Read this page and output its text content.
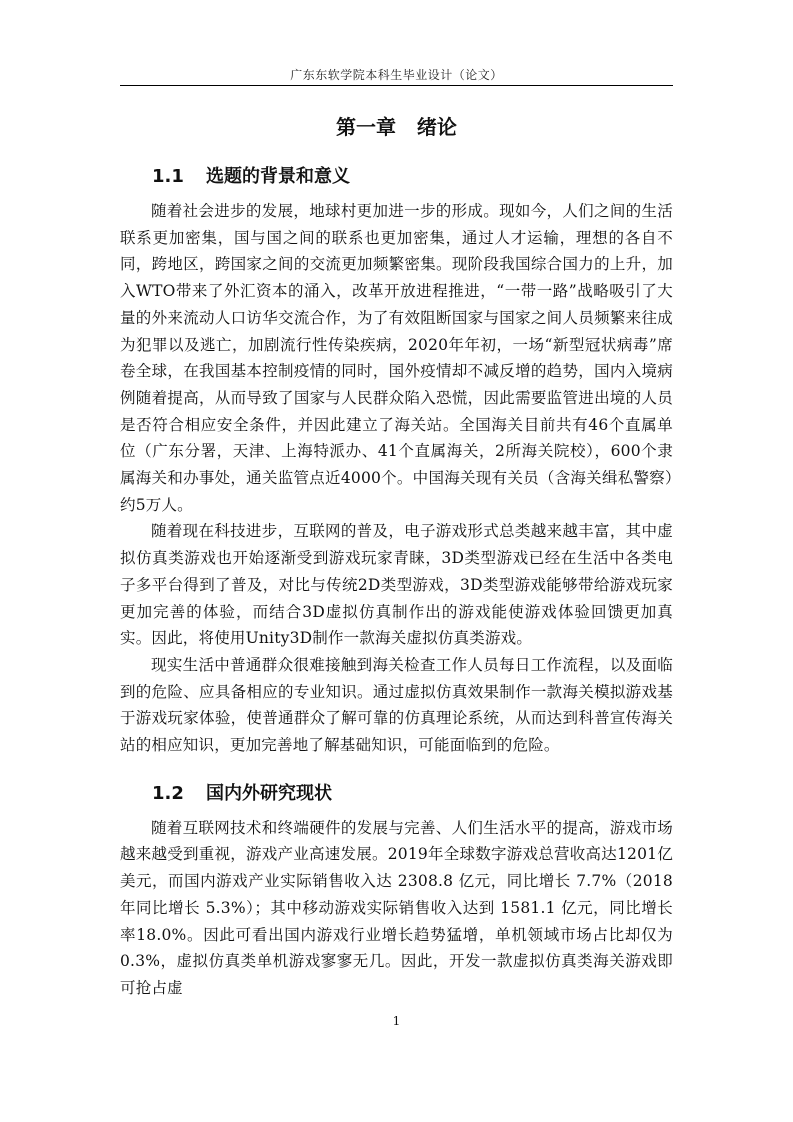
广东东软学院本科生毕业设计（论文）
第一章   绪论
1.1 选题的背景和意义

随着社会进步的发展，地球村更加进一步的形成。现如今，人们之间的生活联系更加密集，国与国之间的联系也更加密集，通过人才运输，理想的各自不同，跨地区，跨国家之间的交流更加频繁密集。现阶段我国综合国力的上升，加入WTO带来了外汇资本的涌入，改革开放进程推进，“一带一路”战略吸引了大量的外来流动人口访华交流合作，为了有效阻断国家与国家之间人员频繁来往成为犯罪以及逃亡，加剧流行性传染疾病，2020年年初，一场“新型冠状病毒”席卷全球，在我国基本控制疫情的同时，国外疫情却不减反增的趋势，国内入境病例随着提高，从而导致了国家与人民群众陷入恐慌，因此需要监管进出境的人员是否符合相应安全条件，并因此建立了海关站。全国海关目前共有46个直属单位（广东分署，天津、上海特派办、41个直属海关，2所海关院校），600个隶属海关和办事处，通关监管点近4000个。中国海关现有关员（含海关缉私警察）约5万人。

随着现在科技进步，互联网的普及，电子游戏形式总类越来越丰富，其中虚拟仿真类游戏也开始逐渐受到游戏玩家青睐，3D类型游戏已经在生活中各类电子多平台得到了普及，对比与传统2D类型游戏，3D类型游戏能够带给游戏玩家更加完善的体验，而结合3D虚拟仿真制作出的游戏能使游戏体验回馈更加真实。因此，将使用Unity3D制作一款海关虚拟仿真类游戏。

现实生活中普通群众很难接触到海关检查工作人员每日工作流程，以及面临到的危险、应具备相应的专业知识。通过虚拟仿真效果制作一款海关模拟游戏基于游戏玩家体验，使普通群众了解可靠的仿真理论系统，从而达到科普宣传海关站的相应知识，更加完善地了解基础知识，可能面临到的危险。

1.2 国内外研究现状

随着互联网技术和终端硬件的发展与完善、人们生活水平的提高，游戏市场越来越受到重视，游戏产业高速发展。2019年全球数字游戏总营收高达1201亿美元，而国内游戏产业实际销售收入达 2308.8 亿元，同比增长 7.7%（2018年同比增长 5.3%）；其中移动游戏实际销售收入达到 1581.1 亿元，同比增长率18.0%。因此可看出国内游戏行业增长趋势猛增，单机领域市场占比却仅为0.3%，虚拟仿真类单机游戏寥寥无几。因此，开发一款虚拟仿真类海关游戏即可抢占虚

1
